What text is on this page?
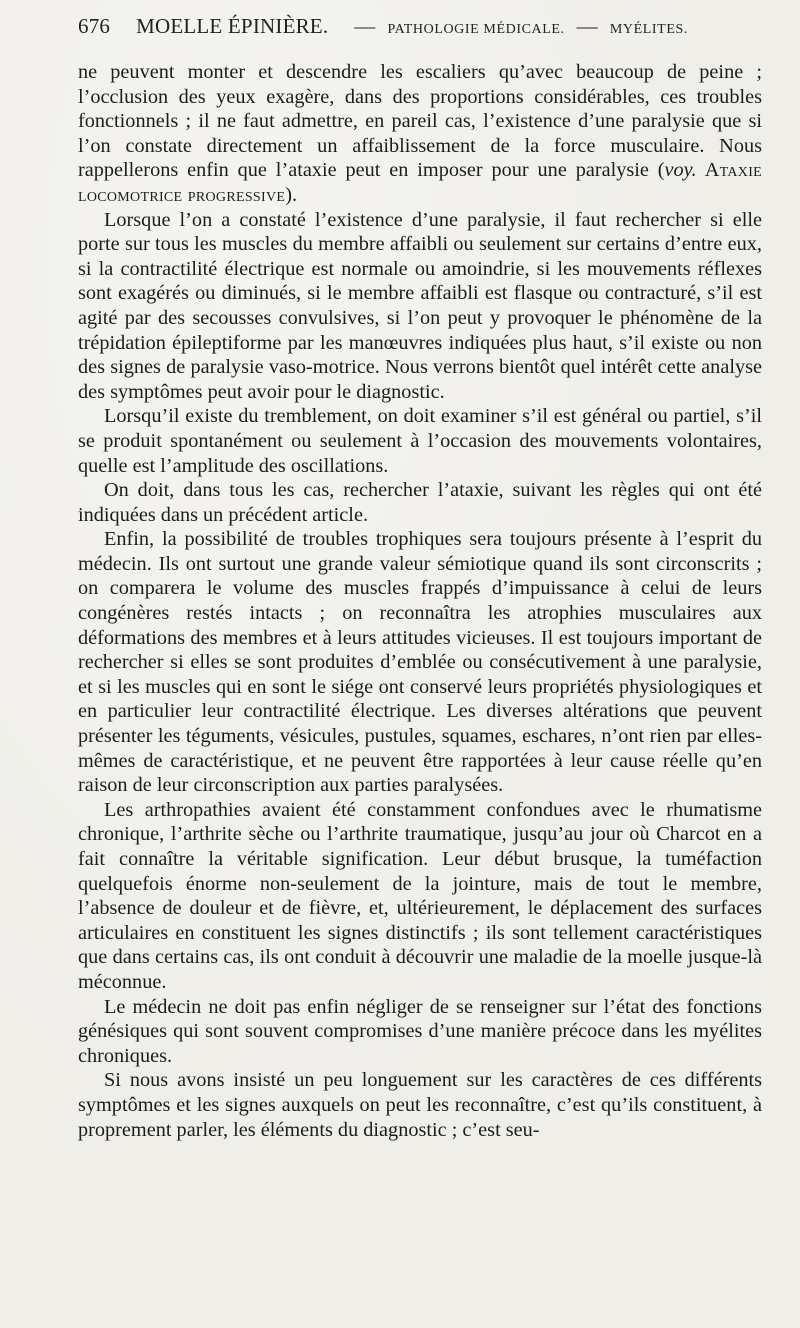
676 MOELLE ÉPINIÈRE. — PATHOLOGIE MÉDICALE. — MYÉLITES.

ne peuvent monter et descendre les escaliers qu’avec beaucoup de peine ; l’occlusion des yeux exagère, dans des proportions considérables, ces troubles fonctionnels ; il ne faut admettre, en pareil cas, l’existence d’une paralysie que si l’on constate directement un affaiblissement de la force musculaire. Nous rappellerons enfin que l’ataxie peut en imposer pour une paralysie (voy. Ataxie locomotrice progressive).

Lorsque l’on a constaté l’existence d’une paralysie, il faut rechercher si elle porte sur tous les muscles du membre affaibli ou seulement sur certains d’entre eux, si la contractilité électrique est normale ou amoindrie, si les mouvements réflexes sont exagérés ou diminués, si le membre affaibli est flasque ou contracturé, s’il est agité par des secousses convulsives, si l’on peut y provoquer le phénomène de la trépidation épileptiforme par les manœuvres indiquées plus haut, s’il existe ou non des signes de paralysie vaso-motrice. Nous verrons bientôt quel intérêt cette analyse des symptômes peut avoir pour le diagnostic.

Lorsqu’il existe du tremblement, on doit examiner s’il est général ou partiel, s’il se produit spontanément ou seulement à l’occasion des mouvements volontaires, quelle est l’amplitude des oscillations.

On doit, dans tous les cas, rechercher l’ataxie, suivant les règles qui ont été indiquées dans un précédent article.

Enfin, la possibilité de troubles trophiques sera toujours présente à l’esprit du médecin. Ils ont surtout une grande valeur sémiotique quand ils sont circonscrits ; on comparera le volume des muscles frappés d’impuissance à celui de leurs congénères restés intacts ; on reconnaîtra les atrophies musculaires aux déformations des membres et à leurs attitudes vicieuses. Il est toujours important de rechercher si elles se sont produites d’emblée ou consécutivement à une paralysie, et si les muscles qui en sont le siége ont conservé leurs propriétés physiologiques et en particulier leur contractilité électrique. Les diverses altérations que peuvent présenter les téguments, vésicules, pustules, squames, eschares, n’ont rien par elles-mêmes de caractéristique, et ne peuvent être rapportées à leur cause réelle qu’en raison de leur circonscription aux parties paralysées.

Les arthropathies avaient été constamment confondues avec le rhumatisme chronique, l’arthrite sèche ou l’arthrite traumatique, jusqu’au jour où Charcot en a fait connaître la véritable signification. Leur début brusque, la tuméfaction quelquefois énorme non-seulement de la jointure, mais de tout le membre, l’absence de douleur et de fièvre, et, ultérieurement, le déplacement des surfaces articulaires en constituent les signes distinctifs ; ils sont tellement caractéristiques que dans certains cas, ils ont conduit à découvrir une maladie de la moelle jusque-là méconnue.

Le médecin ne doit pas enfin négliger de se renseigner sur l’état des fonctions génésiques qui sont souvent compromises d’une manière précoce dans les myélites chroniques.

Si nous avons insisté un peu longuement sur les caractères de ces différents symptômes et les signes auxquels on peut les reconnaître, c’est qu’ils constituent, à proprement parler, les éléments du diagnostic ; c’est seu-
